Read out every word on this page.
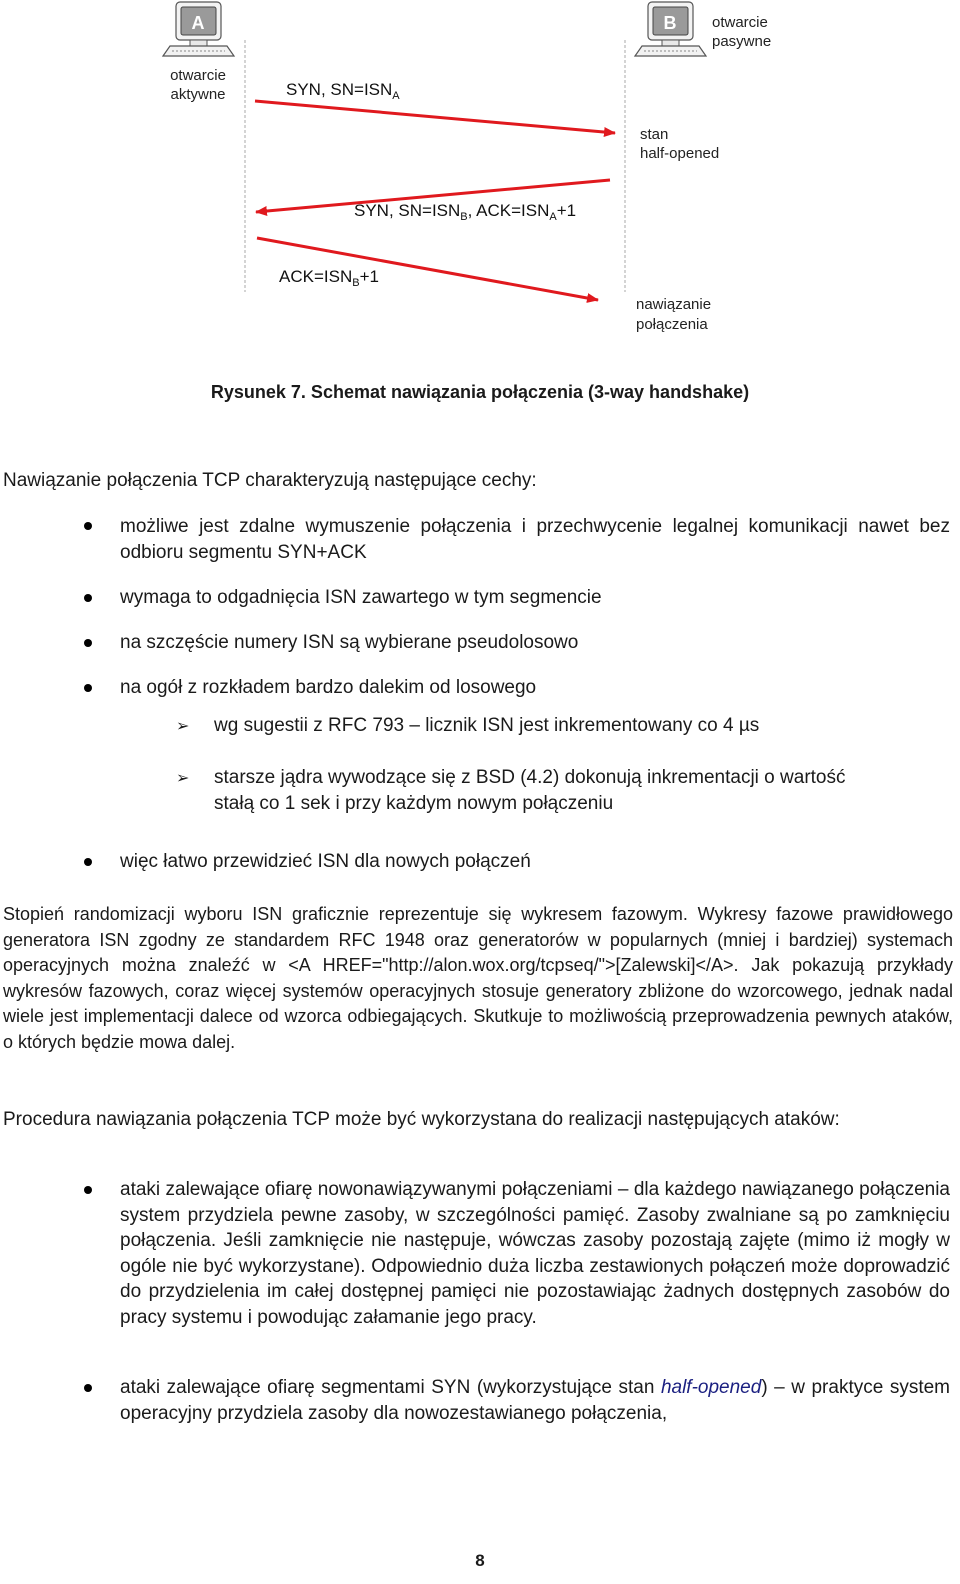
A	B
otwarcie
aktywne
otwarcie
pasywne
SYN, $SN=ISN_A$
SYN, $SN=ISN_B$, $ACK=ISN_A+1$
$ACK=ISN_B+1$
stan
half-opened
nawiązanie
połączenia
Rysunek 7. Schemat nawiązania połączenia (3-way handshake)
Nawiązanie połączenia TCP charakteryzują następujące cechy:
możliwe jest zdalne wymuszenie połączenia i przechwycenie legalnej komunikacji nawet bez odbioru segmentu SYN+ACK
wymaga to odgadnięcia ISN zawartego w tym segmencie
na szczęście numery ISN są wybierane pseudolosowo
na ogół z rozkładem bardzo dalekim od losowego
➢ wg sugestii z RFC 793 – licznik ISN jest inkrementowany co 4 µs
➢ starsze jądra wywodzące się z BSD (4.2) dokonują inkrementacji o wartość stałą co 1 sek i przy każdym nowym połączeniu
więc łatwo przewidzieć ISN dla nowych połączeń
Stopień randomizacji wyboru ISN graficznie reprezentuje się wykresem fazowym. Wykresy fazowe prawidłowego generatora ISN zgodny ze standardem RFC 1948 oraz generatorów w popularnych (mniej i bardziej) systemach operacyjnych można znaleźć w <A HREF="http://alon.wox.org/tcpseq/">[Zalewski]</A>. Jak pokazują przykłady wykresów fazowych, coraz więcej systemów operacyjnych stosuje generatory zbliżone do wzorcowego, jednak nadal wiele jest implementacji dalece od wzorca odbiegających. Skutkuje to możliwością przeprowadzenia pewnych ataków, o których będzie mowa dalej.
Procedura nawiązania połączenia TCP może być wykorzystana do realizacji następujących ataków:
ataki zalewające ofiarę nowonawiązywanymi połączeniami – dla każdego nawiązanego połączenia system przydziela pewne zasoby, w szczególności pamięć. Zasoby zwalniane są po zamknięciu połączenia. Jeśli zamknięcie nie następuje, wówczas zasoby pozostają zajęte (mimo iż mogły w ogóle nie być wykorzystane). Odpowiednio duża liczba zestawionych połączeń może doprowadzić do przydzielenia im całej dostępnej pamięci nie pozostawiając żadnych dostępnych zasobów do pracy systemu i powodując załamanie jego pracy.
ataki zalewające ofiarę segmentami SYN (wykorzystujące stan half-opened) – w praktyce system operacyjny przydziela zasoby dla nowozestawianego połączenia,
8
